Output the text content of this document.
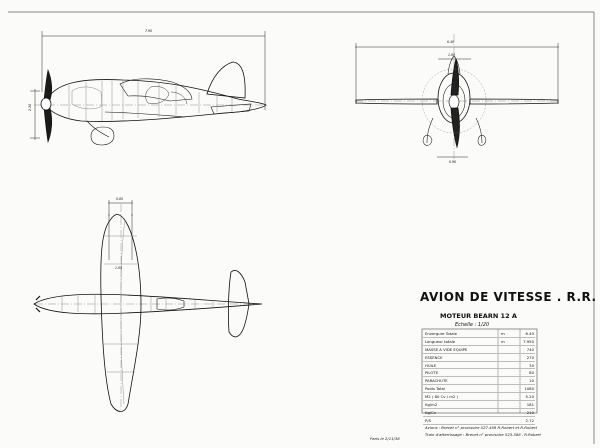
7.90
2.30
6.40
1.80
0.90
0.80
1.80
AVION DE VITESSE . R.R.
MOTEUR BEARN 12 A
Echelle : 1/20
Envergure Totale	m	6.40
Longueur totale	m	7.950
MASSE A VIDE EQUIPE	740
ESSENCE	270
HUILE	30
PILOTE	80
PARACHUTE	10
Poids Total	1080
M2 ( 80 Cv / m2 )	5.20
Kg/m2	181
Kg/Cv	210
P/S	2.72
Avions : Brevet n° provisoire 527.459 R.Robert et R.Robert
Train d'atterrissage : Brevet n° provisoire 523.388 . R.Robert
Paris le 2/11/38
